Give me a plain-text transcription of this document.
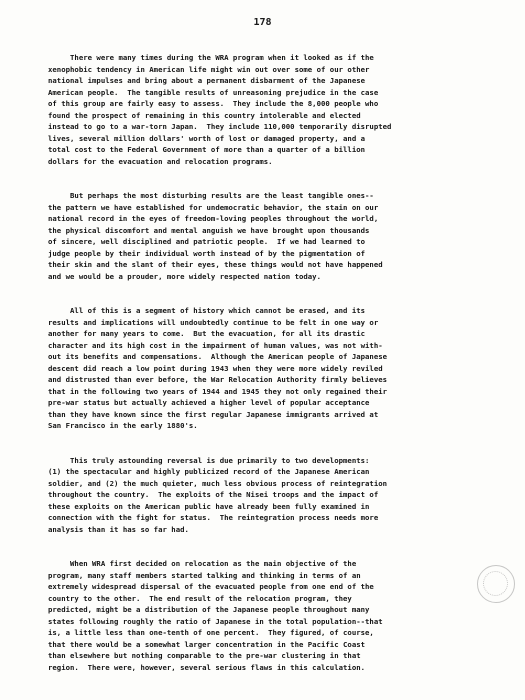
178
There were many times during the WRA program when it looked as if the
xenophobic tendency in American life might win out over some of our other
national impulses and bring about a permanent disbarment of the Japanese
American people.  The tangible results of unreasoning prejudice in the case
of this group are fairly easy to assess.  They include the 8,000 people who
found the prospect of remaining in this country intolerable and elected
instead to go to a war-torn Japan.  They include 110,000 temporarily disrupted
lives, several million dollars' worth of lost or damaged property, and a
total cost to the Federal Government of more than a quarter of a billion
dollars for the evacuation and relocation programs.
But perhaps the most disturbing results are the least tangible ones--
the pattern we have established for undemocratic behavior, the stain on our
national record in the eyes of freedom-loving peoples throughout the world,
the physical discomfort and mental anguish we have brought upon thousands
of sincere, well disciplined and patriotic people.  If we had learned to
judge people by their individual worth instead of by the pigmentation of
their skin and the slant of their eyes, these things would not have happened
and we would be a prouder, more widely respected nation today.
All of this is a segment of history which cannot be erased, and its
results and implications will undoubtedly continue to be felt in one way or
another for many years to come.  But the evacuation, for all its drastic
character and its high cost in the impairment of human values, was not with-
out its benefits and compensations.  Although the American people of Japanese
descent did reach a low point during 1943 when they were more widely reviled
and distrusted than ever before, the War Relocation Authority firmly believes
that in the following two years of 1944 and 1945 they not only regained their
pre-war status but actually achieved a higher level of popular acceptance
than they have known since the first regular Japanese immigrants arrived at
San Francisco in the early 1880's.
This truly astounding reversal is due primarily to two developments:
(1) the spectacular and highly publicized record of the Japanese American
soldier, and (2) the much quieter, much less obvious process of reintegration
throughout the country.  The exploits of the Nisei troops and the impact of
these exploits on the American public have already been fully examined in
connection with the fight for status.  The reintegration process needs more
analysis than it has so far had.
When WRA first decided on relocation as the main objective of the
program, many staff members started talking and thinking in terms of an
extremely widespread dispersal of the evacuated people from one end of the
country to the other.  The end result of the relocation program, they
predicted, might be a distribution of the Japanese people throughout many
states following roughly the ratio of Japanese in the total population--that
is, a little less than one-tenth of one percent.  They figured, of course,
that there would be a somewhat larger concentration in the Pacific Coast
than elsewhere but nothing comparable to the pre-war clustering in that
region.  There were, however, several serious flaws in this calculation.
